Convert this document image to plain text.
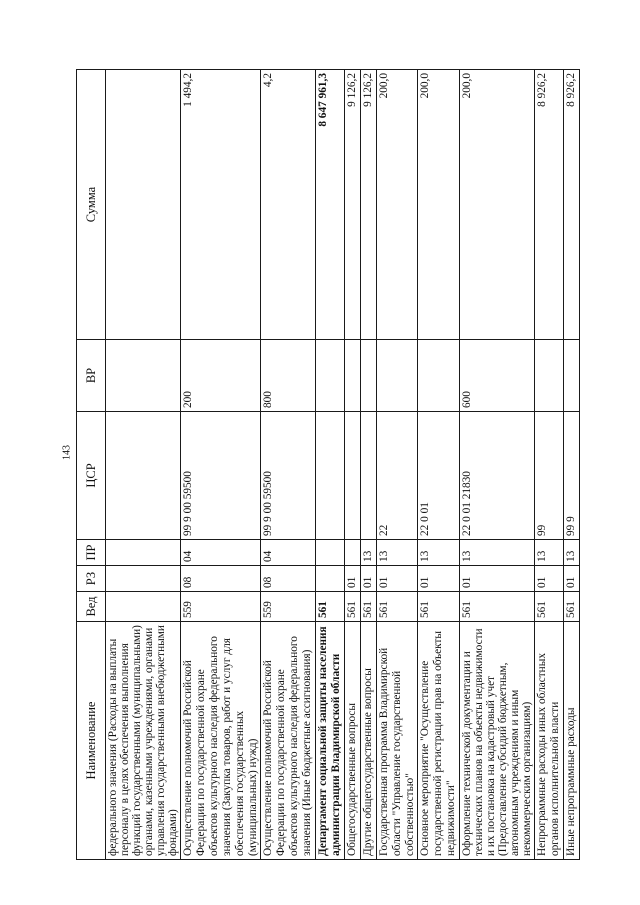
143
Наименование	Вед	РЗ	ПР	ЦСР	ВР	Сумма
федерального значения (Расходы на выплаты персоналу в целях обеспечения выполнения функций государственными (муниципальными) органами, казенными учреждениями, органами управления государственными внебюджетными фондами)						
Осуществление полномочий Российской Федерации по государственной охране объектов культурного наследия федерального значения (Закупка товаров, работ и услуг для обеспечения государственных (муниципальных) нужд)	559	08	04	99 9 00 59500	200	1 494,2
Осуществление полномочий Российской Федерации по государственной охране объектов культурного наследия федерального значения (Иные бюджетные ассигнования)	559	08	04	99 9 00 59500	800	4,2
Департамент социальной защиты населения администрации Владимирской области	561					8 647 961,3
Общегосударственные вопросы	561	01				9 126,2
Другие общегосударственные вопросы	561	01	13			9 126,2
Государственная программа Владимирской области "Управление государственной собственностью"	561	01	13	22		200,0
Основное мероприятие "Осуществление государственной регистрации прав на объекты недвижимости"	561	01	13	22 0 01		200,0
Оформление технической документации и технических планов на объекты недвижимости и их постановка на кадастровый учет (Предоставление субсидий бюджетным, автономным учреждениям и иным некоммерческим организациям)	561	01	13	22 0 01 21830	600	200,0
Непрограммные расходы иных областных органов исполнительной власти	561	01	13	99		8 926,2
Иные непрограммные расходы	561	01	13	99 9		8 926,2
